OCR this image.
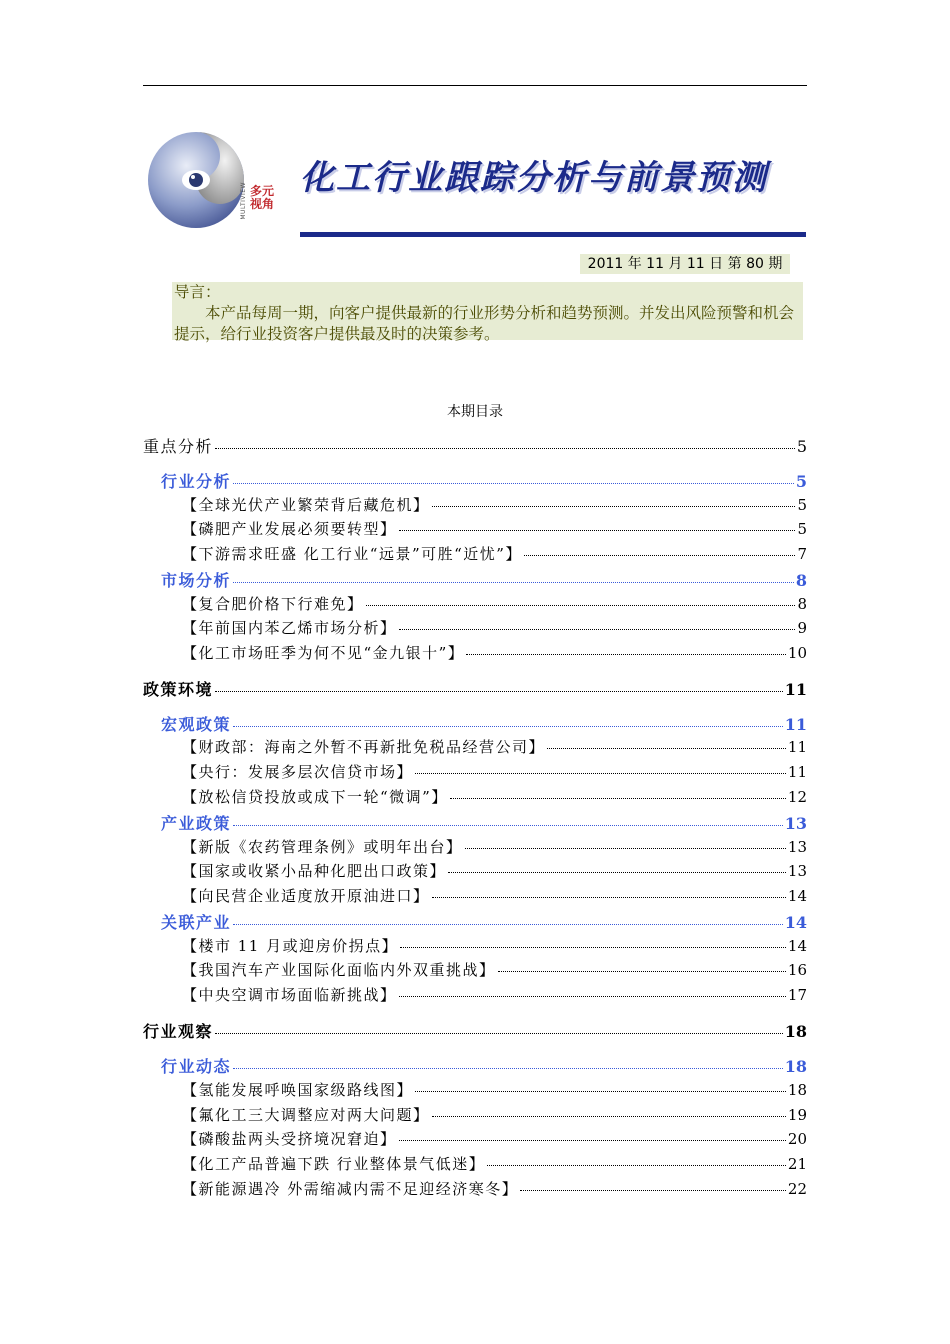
MULTIVIEW 多元视角
化工行业跟踪分析与前景预测
2011 年 11 月 11 日 第 80 期
导言：
本产品每周一期，向客户提供最新的行业形势分析和趋势预测。并发出风险预警和机会提示，给行业投资客户提供最及时的决策参考。
本期目录
重点分析	5
行业分析	5
【全球光伏产业繁荣背后藏危机】	5
【磷肥产业发展必须要转型】	5
【下游需求旺盛 化工行业“远景”可胜“近忧”】	7
市场分析	8
【复合肥价格下行难免】	8
【年前国内苯乙烯市场分析】	9
【化工市场旺季为何不见“金九银十”】	10
政策环境	11
宏观政策	11
【财政部：海南之外暂不再新批免税品经营公司】	11
【央行：发展多层次信贷市场】	11
【放松信贷投放或成下一轮“微调”】	12
产业政策	13
【新版《农药管理条例》或明年出台】	13
【国家或收紧小品种化肥出口政策】	13
【向民营企业适度放开原油进口】	14
关联产业	14
【楼市 11 月或迎房价拐点】	14
【我国汽车产业国际化面临内外双重挑战】	16
【中央空调市场面临新挑战】	17
行业观察	18
行业动态	18
【氢能发展呼唤国家级路线图】	18
【氟化工三大调整应对两大问题】	19
【磷酸盐两头受挤境况窘迫】	20
【化工产品普遍下跌 行业整体景气低迷】	21
【新能源遇冷 外需缩减内需不足迎经济寒冬】	22
